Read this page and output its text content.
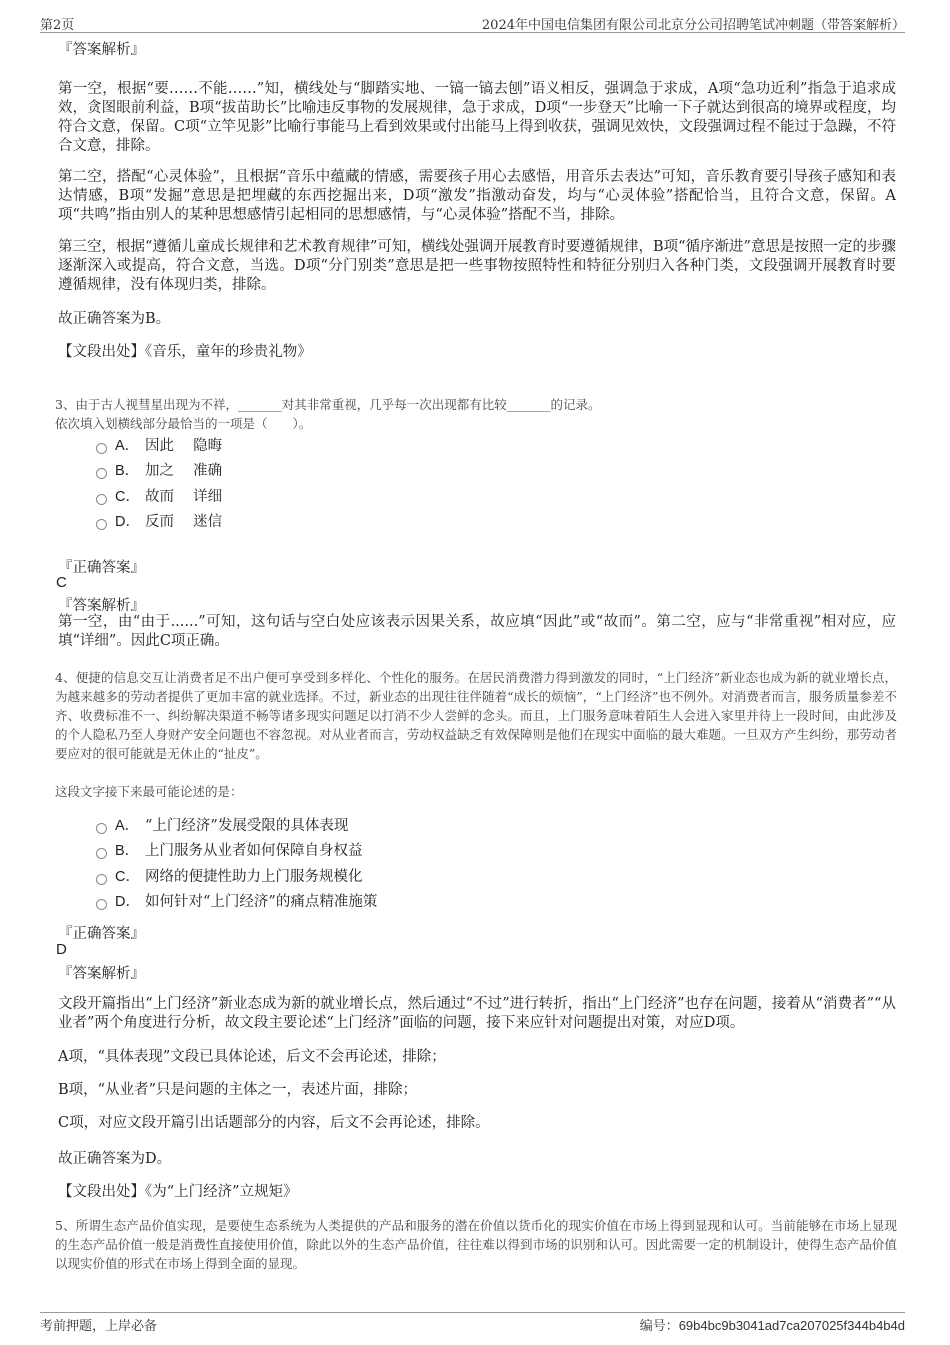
第2页	2024年中国电信集团有限公司北京分公司招聘笔试冲刺题（带答案解析）
『答案解析』
第一空，根据“要……不能……”知，横线处与“脚踏实地、一镐一镐去刨”语义相反，强调急于求成，A项“急功近利”指急于追求成效，贪图眼前利益，B项“拔苗助长”比喻违反事物的发展规律，急于求成，D项“一步登天”比喻一下子就达到很高的境界或程度，均符合文意，保留。C项“立竿见影”比喻行事能马上看到效果或付出能马上得到收获，强调见效快，文段强调过程不能过于急躁，不符合文意，排除。
第二空，搭配“心灵体验”，且根据“音乐中蕴藏的情感，需要孩子用心去感悟，用音乐去表达”可知，音乐教育要引导孩子感知和表达情感，B项“发掘”意思是把埋藏的东西挖掘出来，D项“激发”指激动奋发，均与“心灵体验”搭配恰当，且符合文意，保留。A项“共鸣”指由别人的某种思想感情引起相同的思想感情，与“心灵体验”搭配不当，排除。
第三空，根据“遵循儿童成长规律和艺术教育规律”可知，横线处强调开展教育时要遵循规律，B项“循序渐进”意思是按照一定的步骤逐渐深入或提高，符合文意，当选。D项“分门别类”意思是把一些事物按照特性和特征分别归入各种门类，文段强调开展教育时要遵循规律，没有体现归类，排除。
故正确答案为B。
【文段出处】《音乐，童年的珍贵礼物》
3、由于古人视彗星出现为不祥，_______对其非常重视，几乎每一次出现都有比较_______的记录。
依次填入划横线部分最恰当的一项是（　　）。
A． 因此　 隐晦
B． 加之　 准确
C． 故而　 详细
D． 反而　 迷信
『正确答案』
C
『答案解析』
第一空，由“由于......”可知，这句话与空白处应该表示因果关系，故应填“因此”或“故而”。第二空，应与“非常重视”相对应，应填“详细”。因此C项正确。
4、便捷的信息交互让消费者足不出户便可享受到多样化、个性化的服务。在居民消费潜力得到激发的同时，“上门经济”新业态也成为新的就业增长点，为越来越多的劳动者提供了更加丰富的就业选择。不过，新业态的出现往往伴随着“成长的烦恼”，“上门经济”也不例外。对消费者而言，服务质量参差不齐、收费标准不一、纠纷解决渠道不畅等诸多现实问题足以打消不少人尝鲜的念头。而且，上门服务意味着陌生人会进入家里并待上一段时间，由此涉及的个人隐私乃至人身财产安全问题也不容忽视。对从业者而言，劳动权益缺乏有效保障则是他们在现实中面临的最大难题。一旦双方产生纠纷，那劳动者要应对的很可能就是无休止的“扯皮”。
这段文字接下来最可能论述的是：
A． “上门经济”发展受限的具体表现
B． 上门服务从业者如何保障自身权益
C． 网络的便捷性助力上门服务规模化
D． 如何针对“上门经济”的痛点精准施策
『正确答案』
D
『答案解析』
文段开篇指出“上门经济”新业态成为新的就业增长点，然后通过“不过”进行转折，指出“上门经济”也存在问题，接着从“消费者”“从业者”两个角度进行分析，故文段主要论述“上门经济”面临的问题，接下来应针对问题提出对策，对应D项。
A项，“具体表现”文段已具体论述，后文不会再论述，排除；
B项，“从业者”只是问题的主体之一，表述片面，排除；
C项，对应文段开篇引出话题部分的内容，后文不会再论述，排除。
故正确答案为D。
【文段出处】《为“上门经济”立规矩》
5、所谓生态产品价值实现，是要使生态系统为人类提供的产品和服务的潜在价值以货币化的现实价值在市场上得到显现和认可。当前能够在市场上显现的生态产品价值一般是消费性直接使用价值，除此以外的生态产品价值，往往难以得到市场的识别和认可。因此需要一定的机制设计，使得生态产品价值以现实价值的形式在市场上得到全面的显现。
考前押题，上岸必备	编号：69b4bc9b3041ad7ca207025f344b4b4d
